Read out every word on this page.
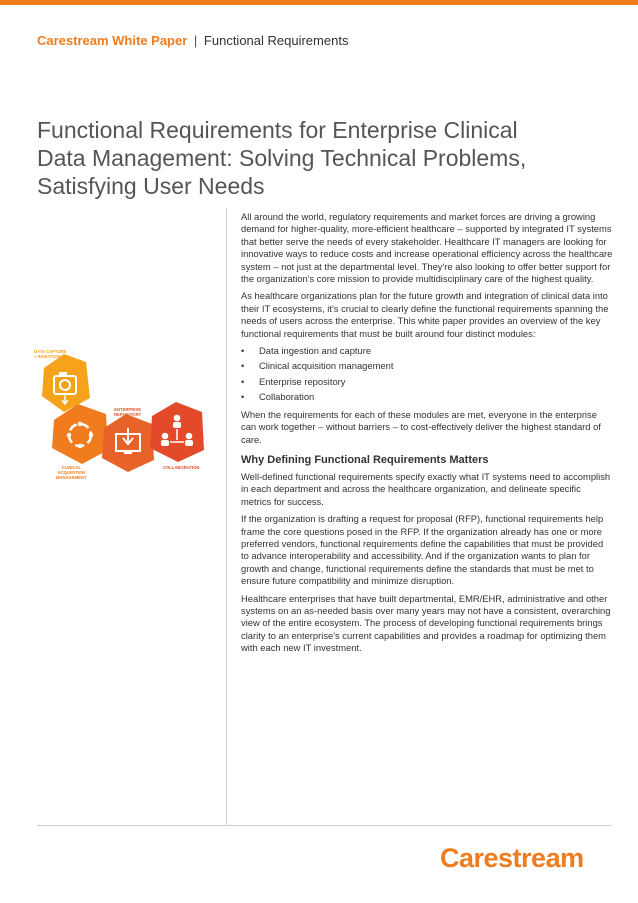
Carestream White Paper | Functional Requirements
Functional Requirements for Enterprise Clinical
Data Management: Solving Technical Problems,
Satisfying User Needs
DATA CAPTURE
+ INGESTION
ENTERPRISE
REPOSITORY
CLINICAL
ACQUISITION
MANAGEMENT
COLLABORATION

All around the world, regulatory requirements and market forces are driving a growing demand for higher-quality, more-efficient healthcare – supported by integrated IT systems that better serve the needs of every stakeholder. Healthcare IT managers are looking for innovative ways to reduce costs and increase operational efficiency across the healthcare system – not just at the departmental level. They're also looking to offer better support for the organization's core mission to provide multidisciplinary care of the highest quality.

As healthcare organizations plan for the future growth and integration of clinical data into their IT ecosystems, it's crucial to clearly define the functional requirements spanning the needs of users across the enterprise. This white paper provides an overview of the key functional requirements that must be built around four distinct modules:

• Data ingestion and capture
• Clinical acquisition management
• Enterprise repository
• Collaboration

When the requirements for each of these modules are met, everyone in the enterprise can work together – without barriers – to cost-effectively deliver the highest standard of care.

Why Defining Functional Requirements Matters

Well-defined functional requirements specify exactly what IT systems need to accomplish in each department and across the healthcare organization, and delineate specific metrics for success.

If the organization is drafting a request for proposal (RFP), functional requirements help frame the core questions posed in the RFP. If the organization already has one or more preferred vendors, functional requirements define the capabilities that must be provided to advance interoperability and accessibility. And if the organization wants to plan for growth and change, functional requirements define the standards that must be met to ensure future compatibility and minimize disruption.

Healthcare enterprises that have built departmental, EMR/EHR, administrative and other systems on an as-needed basis over many years may not have a consistent, overarching view of the entire ecosystem. The process of developing functional requirements brings clarity to an enterprise's current capabilities and provides a roadmap for optimizing them with each new IT investment.

Carestream
